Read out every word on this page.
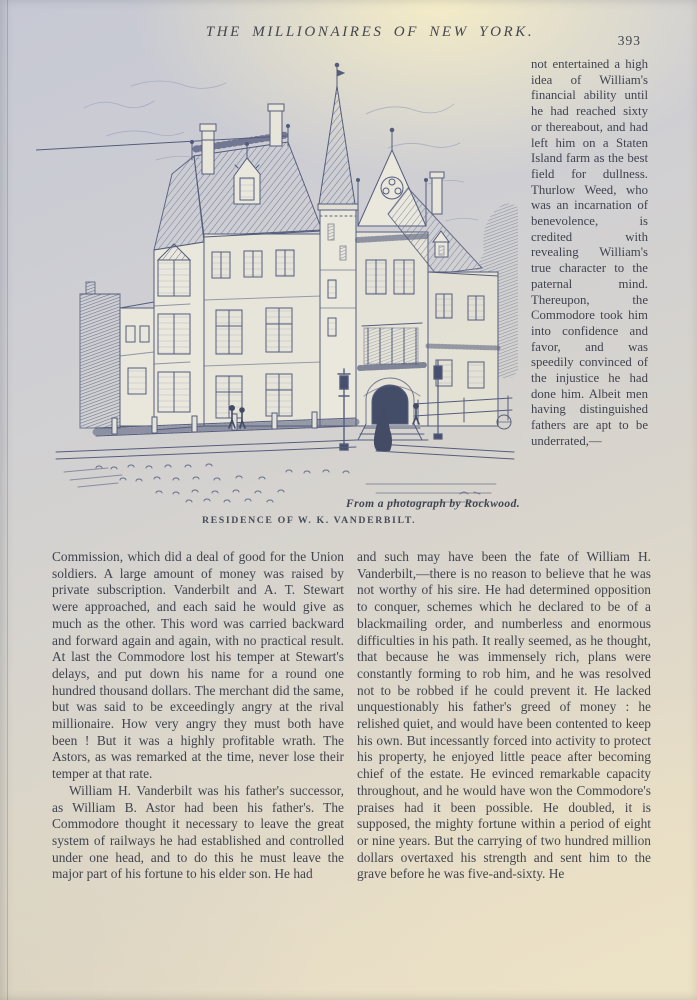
THE MILLIONAIRES OF NEW YORK.
393
From a photograph by Rockwood.
RESIDENCE OF W. K. VANDERBILT.

not entertained a high idea of William's financial ability until he had reached sixty or thereabout, and had left him on a Staten Island farm as the best field for dullness. Thurlow Weed, who was an incarnation of benevolence, is credited with revealing William's true character to the paternal mind. Thereupon, the Commodore took him into confidence and favor, and was speedily convinced of the injustice he had done him. Albeit men having distinguished fathers are apt to be underrated,—

Commission, which did a deal of good for the Union soldiers. A large amount of money was raised by private subscription. Vanderbilt and A. T. Stewart were approached, and each said he would give as much as the other. This word was carried backward and forward again and again, with no practical result. At last the Commodore lost his temper at Stewart's delays, and put down his name for a round one hundred thousand dollars. The merchant did the same, but was said to be exceedingly angry at the rival millionaire. How very angry they must both have been ! But it was a highly profitable wrath. The Astors, as was remarked at the time, never lose their temper at that rate.

William H. Vanderbilt was his father's successor, as William B. Astor had been his father's. The Commodore thought it necessary to leave the great system of railways he had established and controlled under one head, and to do this he must leave the major part of his fortune to his elder son. He had

and such may have been the fate of William H. Vanderbilt,—there is no reason to believe that he was not worthy of his sire. He had determined opposition to conquer, schemes which he declared to be of a blackmailing order, and numberless and enormous difficulties in his path. It really seemed, as he thought, that because he was immensely rich, plans were constantly forming to rob him, and he was resolved not to be robbed if he could prevent it. He lacked unquestionably his father's greed of money : he relished quiet, and would have been contented to keep his own. But incessantly forced into activity to protect his property, he enjoyed little peace after becoming chief of the estate. He evinced remarkable capacity throughout, and he would have won the Commodore's praises had it been possible. He doubled, it is supposed, the mighty fortune within a period of eight or nine years. But the carrying of two hundred million dollars overtaxed his strength and sent him to the grave before he was five-and-sixty. He
